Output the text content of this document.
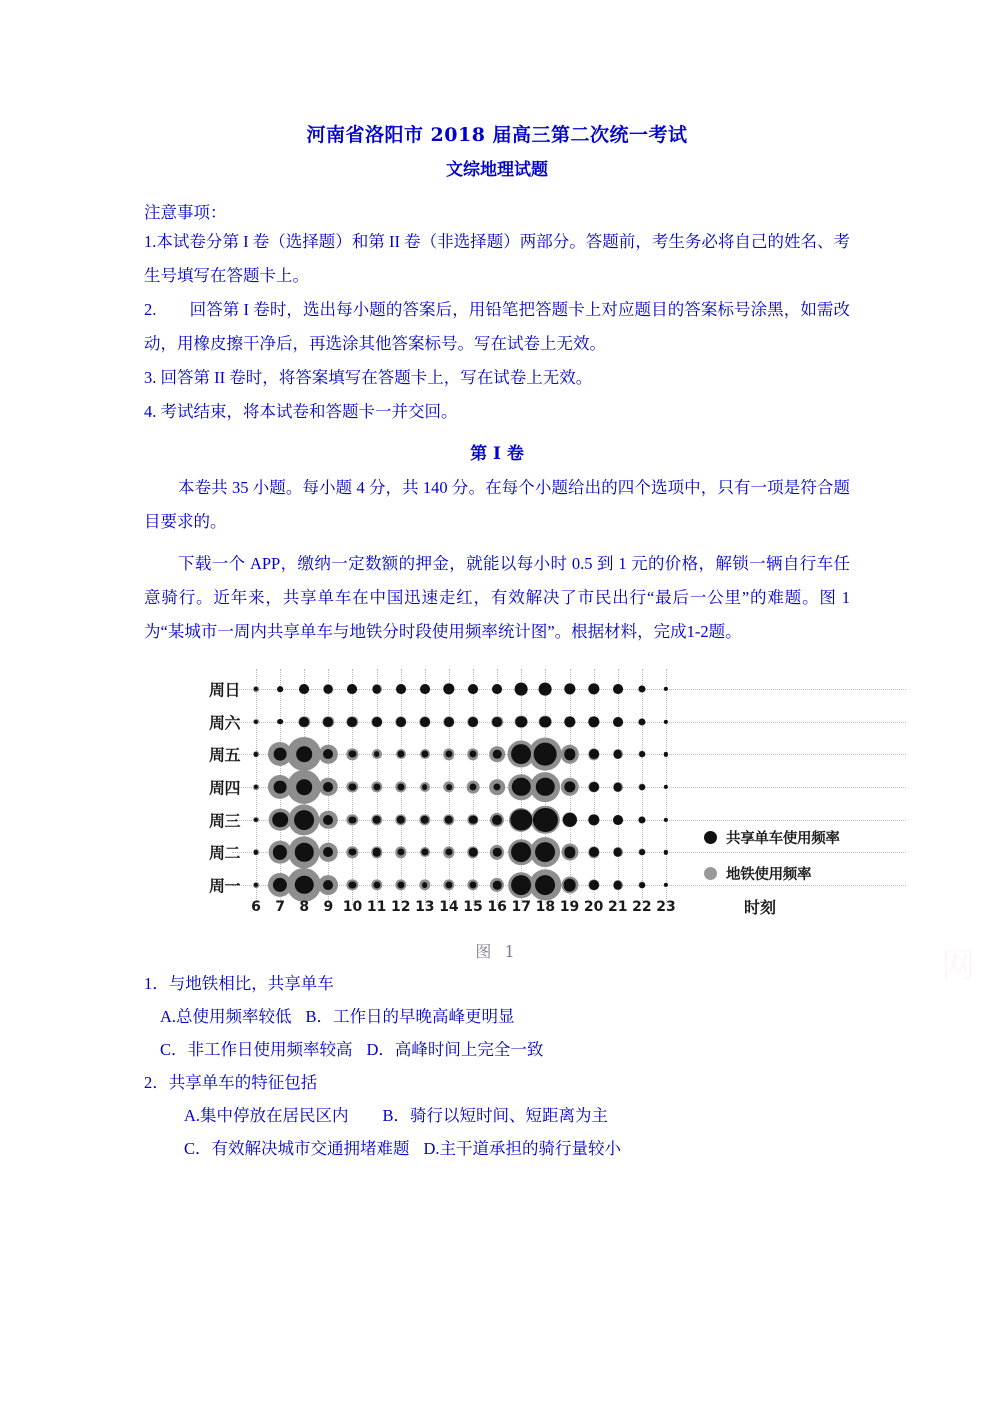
河南省洛阳市 2018 届高三第二次统一考试
文综地理试题
注意事项：

1.本试卷分第 I 卷（选择题）和第 II 卷（非选择题）两部分。答题前，考生务必将自己的姓名、考生号填写在答题卡上。

2.　　回答第 I 卷时，选出每小题的答案后，用铅笔把答题卡上对应题目的答案标号涂黑，如需改动，用橡皮擦干净后，再选涂其他答案标号。写在试卷上无效。

3. 回答第 II 卷时，将答案填写在答题卡上，写在试卷上无效。

4. 考试结束，将本试卷和答题卡一并交回。

第 I 卷

本卷共 35 小题。每小题 4 分，共 140 分。在每个小题给出的四个选项中，只有一项是符合题目要求的。

下载一个 APP，缴纳一定数额的押金，就能以每小时 0.5 到 1 元的价格，解锁一辆自行车任意骑行。近年来，共享单车在中国迅速走红，有效解决了市民出行“最后一公里”的难题。图 1 为“某城市一周内共享单车与地铁分时段使用频率统计图”。根据材料，完成1-2题。

共享单车使用频率
地铁使用频率
周日
周六
周五
周四
周三
周二
周一
6 7 8 9 10 11 12 13 14 15 16 17 18 19 20 21 22 23	时刻
图 1

1．与地铁相比，共享单车

A.总使用频率较低 B．工作日的早晚高峰更明显

C．非工作日使用频率较高 D．高峰时间上完全一致

2．共享单车的特征包括

A.集中停放在居民区内 B．骑行以短时间、短距离为主

C．有效解决城市交通拥堵难题 D.主干道承担的骑行量较小

网
